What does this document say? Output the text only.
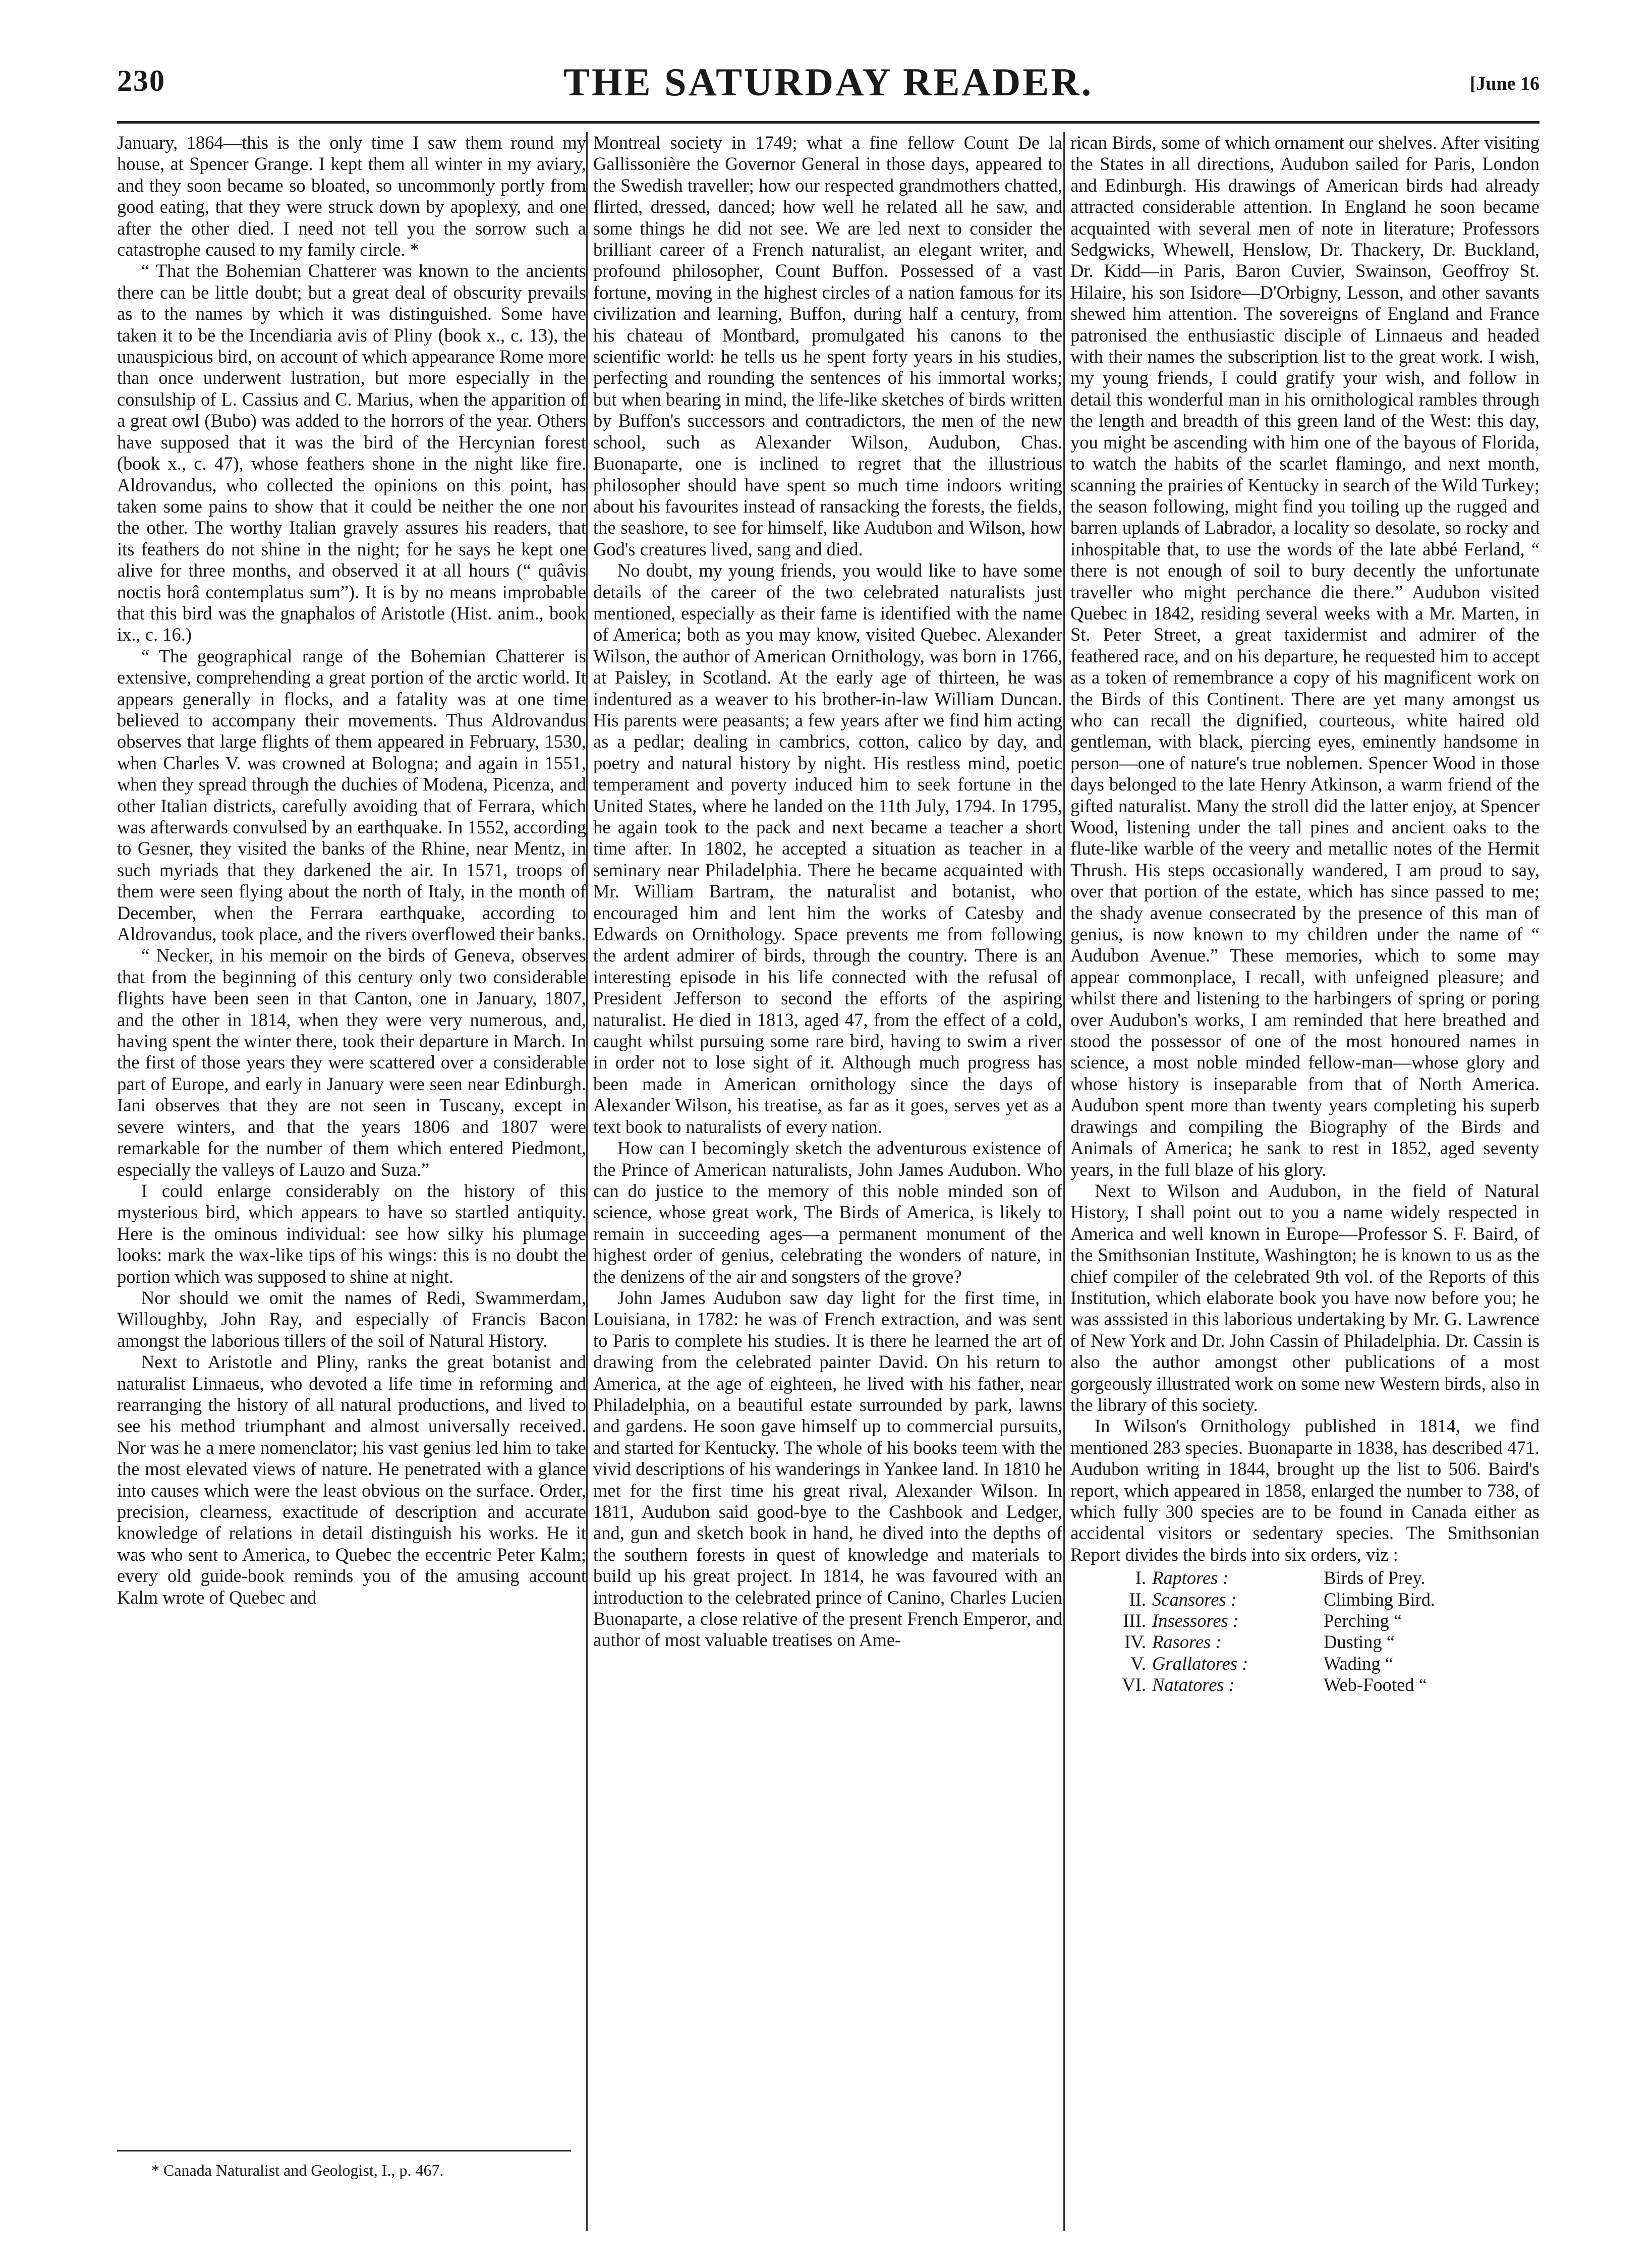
230	THE SATURDAY READER.	[June 16

January, 1864—this is the only time I saw them round my house, at Spencer Grange. I kept them all winter in my aviary, and they soon became so bloated, so uncommonly portly from good eating, that they were struck down by apoplexy, and one after the other died. I need not tell you the sorrow such a catastrophe caused to my family circle. *

“ That the Bohemian Chatterer was known to the ancients there can be little doubt; but a great deal of obscurity prevails as to the names by which it was distinguished. Some have taken it to be the Incendiaria avis of Pliny (book x., c. 13), the unauspicious bird, on account of which appearance Rome more than once underwent lustration, but more especially in the consulship of L. Cassius and C. Marius, when the apparition of a great owl (Bubo) was added to the horrors of the year. Others have supposed that it was the bird of the Hercynian forest (book x., c. 47), whose feathers shone in the night like fire. Aldrovandus, who collected the opinions on this point, has taken some pains to show that it could be neither the one nor the other. The worthy Italian gravely assures his readers, that its feathers do not shine in the night; for he says he kept one alive for three months, and observed it at all hours (“ quâvis noctis horâ contemplatus sum”). It is by no means improbable that this bird was the gnaphalos of Aristotle (Hist. anim., book ix., c. 16.)

“ The geographical range of the Bohemian Chatterer is extensive, comprehending a great portion of the arctic world. It appears generally in flocks, and a fatality was at one time believed to accompany their movements. Thus Aldrovandus observes that large flights of them appeared in February, 1530, when Charles V. was crowned at Bologna; and again in 1551, when they spread through the duchies of Modena, Picenza, and other Italian districts, carefully avoiding that of Ferrara, which was afterwards convulsed by an earthquake. In 1552, according to Gesner, they visited the banks of the Rhine, near Mentz, in such myriads that they darkened the air. In 1571, troops of them were seen flying about the north of Italy, in the month of December, when the Ferrara earthquake, according to Aldrovandus, took place, and the rivers overflowed their banks.

“ Necker, in his memoir on the birds of Geneva, observes that from the beginning of this century only two considerable flights have been seen in that Canton, one in January, 1807, and the other in 1814, when they were very numerous, and, having spent the winter there, took their departure in March. In the first of those years they were scattered over a considerable part of Europe, and early in January were seen near Edinburgh. Iani observes that they are not seen in Tuscany, except in severe winters, and that the years 1806 and 1807 were remarkable for the number of them which entered Piedmont, especially the valleys of Lauzo and Suza.”

I could enlarge considerably on the history of this mysterious bird, which appears to have so startled antiquity. Here is the ominous individual: see how silky his plumage looks: mark the wax-like tips of his wings: this is no doubt the portion which was supposed to shine at night.

Nor should we omit the names of Redi, Swammerdam, Willoughby, John Ray, and especially of Francis Bacon amongst the laborious tillers of the soil of Natural History.

Next to Aristotle and Pliny, ranks the great botanist and naturalist Linnaeus, who devoted a life time in reforming and rearranging the history of all natural productions, and lived to see his method triumphant and almost universally received. Nor was he a mere nomenclator; his vast genius led him to take the most elevated views of nature. He penetrated with a glance into causes which were the least obvious on the surface. Order, precision, clearness, exactitude of description and accurate knowledge of relations in detail distinguish his works. He it was who sent to America, to Quebec the eccentric Peter Kalm; every old guide-book reminds you of the amusing account Kalm wrote of Quebec and

Montreal society in 1749; what a fine fellow Count De la Gallissonière the Governor General in those days, appeared to the Swedish traveller; how our respected grandmothers chatted, flirted, dressed, danced; how well he related all he saw, and some things he did not see. We are led next to consider the brilliant career of a French naturalist, an elegant writer, and profound philosopher, Count Buffon. Possessed of a vast fortune, moving in the highest circles of a nation famous for its civilization and learning, Buffon, during half a century, from his chateau of Montbard, promulgated his canons to the scientific world: he tells us he spent forty years in his studies, perfecting and rounding the sentences of his immortal works; but when bearing in mind, the life-like sketches of birds written by Buffon's successors and contradictors, the men of the new school, such as Alexander Wilson, Audubon, Chas. Buonaparte, one is inclined to regret that the illustrious philosopher should have spent so much time indoors writing about his favourites instead of ransacking the forests, the fields, the seashore, to see for himself, like Audubon and Wilson, how God's creatures lived, sang and died.

No doubt, my young friends, you would like to have some details of the career of the two celebrated naturalists just mentioned, especially as their fame is identified with the name of America; both as you may know, visited Quebec. Alexander Wilson, the author of American Ornithology, was born in 1766, at Paisley, in Scotland. At the early age of thirteen, he was indentured as a weaver to his brother-in-law William Duncan. His parents were peasants; a few years after we find him acting as a pedlar; dealing in cambrics, cotton, calico by day, and poetry and natural history by night. His restless mind, poetic temperament and poverty induced him to seek fortune in the United States, where he landed on the 11th July, 1794. In 1795, he again took to the pack and next became a teacher a short time after. In 1802, he accepted a situation as teacher in a seminary near Philadelphia. There he became acquainted with Mr. William Bartram, the naturalist and botanist, who encouraged him and lent him the works of Catesby and Edwards on Ornithology. Space prevents me from following the ardent admirer of birds, through the country. There is an interesting episode in his life connected with the refusal of President Jefferson to second the efforts of the aspiring naturalist. He died in 1813, aged 47, from the effect of a cold, caught whilst pursuing some rare bird, having to swim a river in order not to lose sight of it. Although much progress has been made in American ornithology since the days of Alexander Wilson, his treatise, as far as it goes, serves yet as a text book to naturalists of every nation.

How can I becomingly sketch the adventurous existence of the Prince of American naturalists, John James Audubon. Who can do justice to the memory of this noble minded son of science, whose great work, The Birds of America, is likely to remain in succeeding ages—a permanent monument of the highest order of genius, celebrating the wonders of nature, in the denizens of the air and songsters of the grove?

John James Audubon saw day light for the first time, in Louisiana, in 1782: he was of French extraction, and was sent to Paris to complete his studies. It is there he learned the art of drawing from the celebrated painter David. On his return to America, at the age of eighteen, he lived with his father, near Philadelphia, on a beautiful estate surrounded by park, lawns and gardens. He soon gave himself up to commercial pursuits, and started for Kentucky. The whole of his books teem with the vivid descriptions of his wanderings in Yankee land. In 1810 he met for the first time his great rival, Alexander Wilson. In 1811, Audubon said good-bye to the Cashbook and Ledger, and, gun and sketch book in hand, he dived into the depths of the southern forests in quest of knowledge and materials to build up his great project. In 1814, he was favoured with an introduction to the celebrated prince of Canino, Charles Lucien Buonaparte, a close relative of the present French Emperor, and author of most valuable treatises on Ame-

rican Birds, some of which ornament our shelves. After visiting the States in all directions, Audubon sailed for Paris, London and Edinburgh. His drawings of American birds had already attracted considerable attention. In England he soon became acquainted with several men of note in literature; Professors Sedgwicks, Whewell, Henslow, Dr. Thackery, Dr. Buckland, Dr. Kidd—in Paris, Baron Cuvier, Swainson, Geoffroy St. Hilaire, his son Isidore—D'Orbigny, Lesson, and other savants shewed him attention. The sovereigns of England and France patronised the enthusiastic disciple of Linnaeus and headed with their names the subscription list to the great work. I wish, my young friends, I could gratify your wish, and follow in detail this wonderful man in his ornithological rambles through the length and breadth of this green land of the West: this day, you might be ascending with him one of the bayous of Florida, to watch the habits of the scarlet flamingo, and next month, scanning the prairies of Kentucky in search of the Wild Turkey; the season following, might find you toiling up the rugged and barren uplands of Labrador, a locality so desolate, so rocky and inhospitable that, to use the words of the late abbé Ferland, “ there is not enough of soil to bury decently the unfortunate traveller who might perchance die there.” Audubon visited Quebec in 1842, residing several weeks with a Mr. Marten, in St. Peter Street, a great taxidermist and admirer of the feathered race, and on his departure, he requested him to accept as a token of remembrance a copy of his magnificent work on the Birds of this Continent. There are yet many amongst us who can recall the dignified, courteous, white haired old gentleman, with black, piercing eyes, eminently handsome in person—one of nature's true noblemen. Spencer Wood in those days belonged to the late Henry Atkinson, a warm friend of the gifted naturalist. Many the stroll did the latter enjoy, at Spencer Wood, listening under the tall pines and ancient oaks to the flute-like warble of the veery and metallic notes of the Hermit Thrush. His steps occasionally wandered, I am proud to say, over that portion of the estate, which has since passed to me; the shady avenue consecrated by the presence of this man of genius, is now known to my children under the name of “ Audubon Avenue.” These memories, which to some may appear commonplace, I recall, with unfeigned pleasure; and whilst there and listening to the harbingers of spring or poring over Audubon's works, I am reminded that here breathed and stood the possessor of one of the most honoured names in science, a most noble minded fellow-man—whose glory and whose history is inseparable from that of North America. Audubon spent more than twenty years completing his superb drawings and compiling the Biography of the Birds and Animals of America; he sank to rest in 1852, aged seventy years, in the full blaze of his glory.

Next to Wilson and Audubon, in the field of Natural History, I shall point out to you a name widely respected in America and well known in Europe—Professor S. F. Baird, of the Smithsonian Institute, Washington; he is known to us as the chief compiler of the celebrated 9th vol. of the Reports of this Institution, which elaborate book you have now before you; he was asssisted in this laborious undertaking by Mr. G. Lawrence of New York and Dr. John Cassin of Philadelphia. Dr. Cassin is also the author amongst other publications of a most gorgeously illustrated work on some new Western birds, also in the library of this society.

In Wilson's Ornithology published in 1814, we find mentioned 283 species. Buonaparte in 1838, has described 471. Audubon writing in 1844, brought up the list to 506. Baird's report, which appeared in 1858, enlarged the number to 738, of which fully 300 species are to be found in Canada either as accidental visitors or sedentary species. The Smithsonian Report divides the birds into six orders, viz :

I. Raptores :	Birds of Prey.
II. Scansores :	Climbing Bird.
III. Insessores :	Perching “
IV. Rasores :	Dusting “
V. Grallatores :	Wading “
VI. Natatores :	Web-Footed “
* Canada Naturalist and Geologist, I., p. 467.
